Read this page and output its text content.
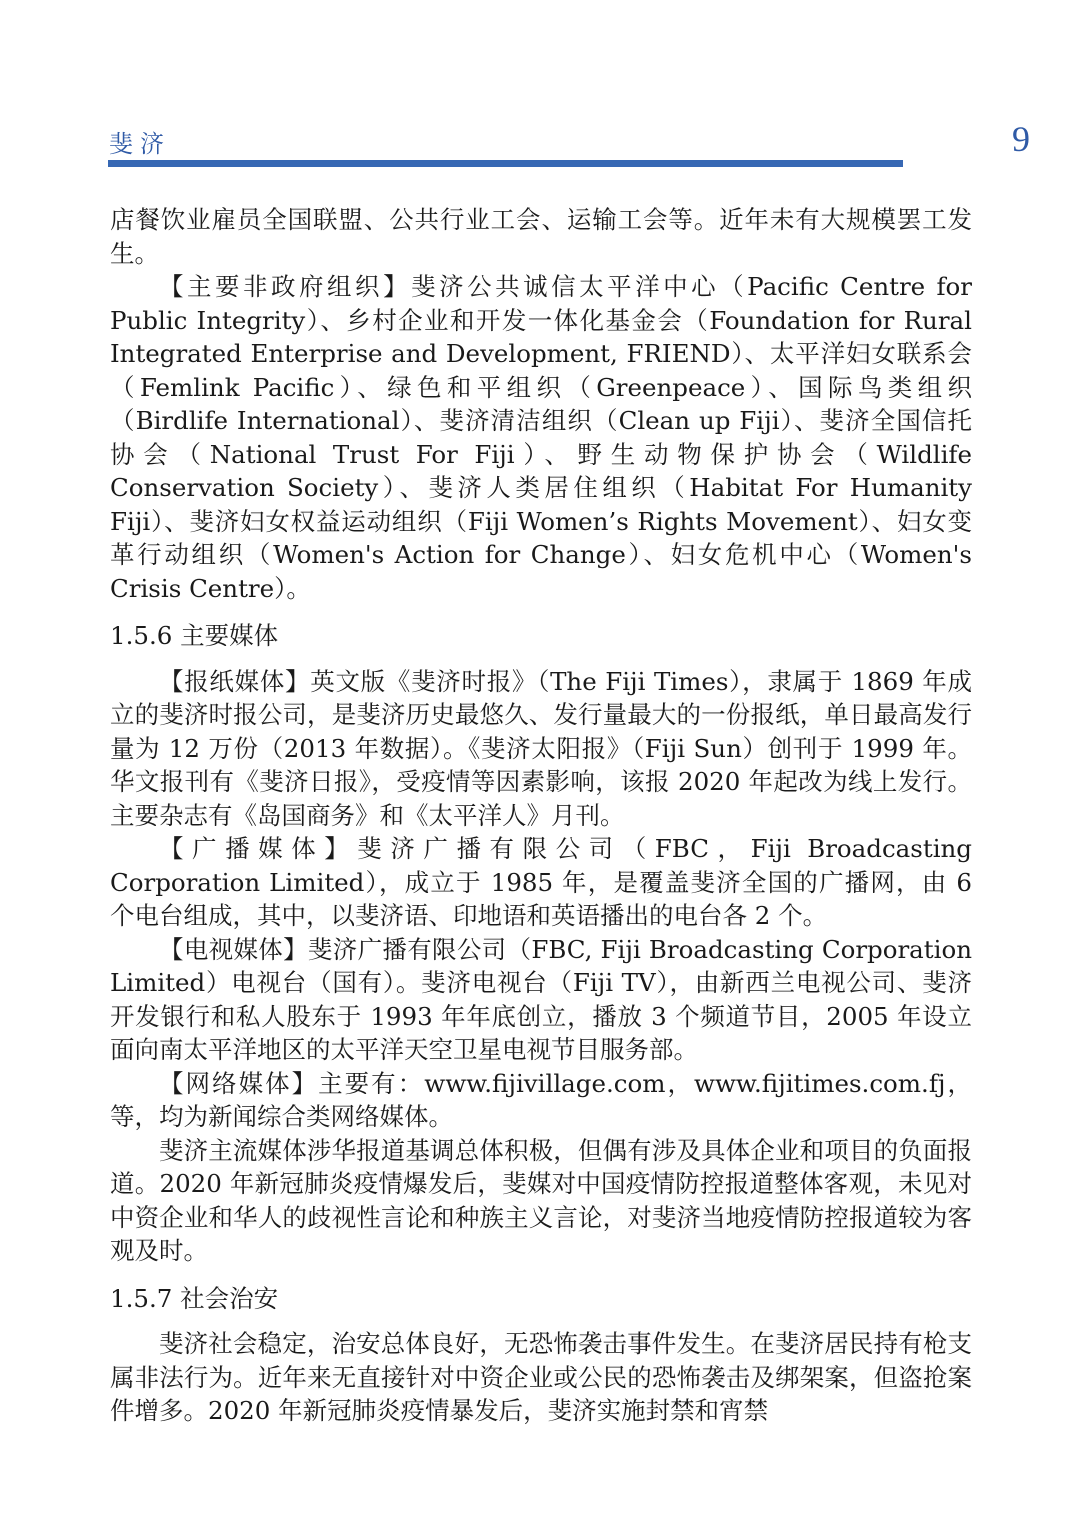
斐济	9

店餐饮业雇员全国联盟、公共行业工会、运输工会等。近年未有大规模罢工发生。

【主要非政府组织】斐济公共诚信太平洋中心（Pacific Centre for Public Integrity）、乡村企业和开发一体化基金会（Foundation for Rural Integrated Enterprise and Development, FRIEND）、太平洋妇女联系会（Femlink Pacific）、绿色和平组织（Greenpeace）、国际鸟类组织（Birdlife International）、斐济清洁组织（Clean up Fiji）、斐济全国信托协会（National Trust For Fiji）、野生动物保护协会（Wildlife Conservation Society）、斐济人类居住组织（Habitat For Humanity Fiji）、斐济妇女权益运动组织（Fiji Women’s Rights Movement）、妇女变革行动组织（Women's Action for Change）、妇女危机中心（Women's Crisis Centre）。

1.5.6 主要媒体

【报纸媒体】英文版《斐济时报》（The Fiji Times），隶属于 1869 年成立的斐济时报公司，是斐济历史最悠久、发行量最大的一份报纸，单日最高发行量为 12 万份（2013 年数据）。《斐济太阳报》（Fiji Sun）创刊于 1999 年。华文报刊有《斐济日报》，受疫情等因素影响，该报 2020 年起改为线上发行。主要杂志有《岛国商务》和《太平洋人》月刊。

【广播媒体】斐济广播有限公司（FBC，Fiji Broadcasting Corporation Limited），成立于 1985 年，是覆盖斐济全国的广播网，由 6 个电台组成，其中，以斐济语、印地语和英语播出的电台各 2 个。

【电视媒体】斐济广播有限公司（FBC, Fiji Broadcasting Corporation Limited）电视台（国有）。斐济电视台（Fiji TV），由新西兰电视公司、斐济开发银行和私人股东于 1993 年年底创立，播放 3 个频道节目，2005 年设立面向南太平洋地区的太平洋天空卫星电视节目服务部。

【网络媒体】主要有：www.fijivillage.com，www.fijitimes.com.fj，等，均为新闻综合类网络媒体。

斐济主流媒体涉华报道基调总体积极，但偶有涉及具体企业和项目的负面报道。2020 年新冠肺炎疫情爆发后，斐媒对中国疫情防控报道整体客观，未见对中资企业和华人的歧视性言论和种族主义言论，对斐济当地疫情防控报道较为客观及时。

1.5.7 社会治安

斐济社会稳定，治安总体良好，无恐怖袭击事件发生。在斐济居民持有枪支属非法行为。近年来无直接针对中资企业或公民的恐怖袭击及绑架案，但盗抢案件增多。2020 年新冠肺炎疫情暴发后，斐济实施封禁和宵禁
